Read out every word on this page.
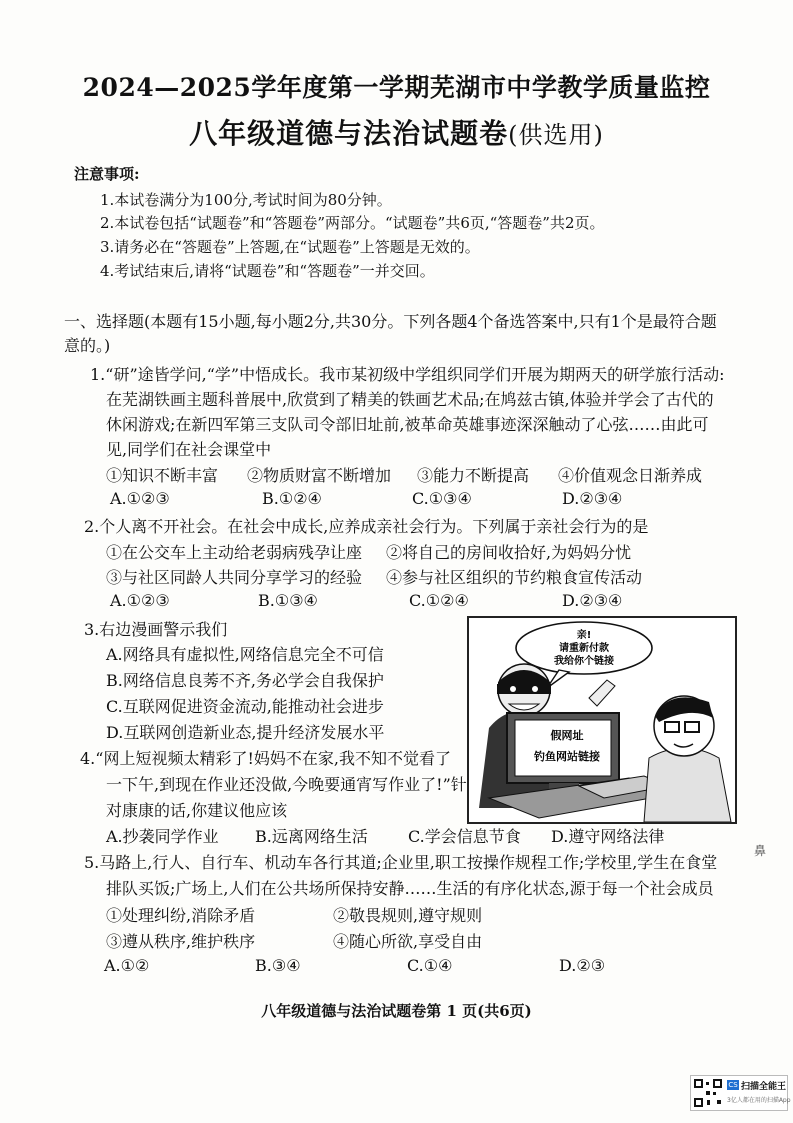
2024—2025学年度第一学期芜湖市中学教学质量监控
八年级道德与法治试题卷(供选用)
注意事项:
1.本试卷满分为100分,考试时间为80分钟。
2.本试卷包括“试题卷”和“答题卷”两部分。“试题卷”共6页,“答题卷”共2页。
3.请务必在“答题卷”上答题,在“试题卷”上答题是无效的。
4.考试结束后,请将“试题卷”和“答题卷”一并交回。
一、选择题(本题有15小题,每小题2分,共30分。下列各题4个备选答案中,只有1个是最符合题意的。)
1.“研”途皆学问,“学”中悟成长。我市某初级中学组织同学们开展为期两天的研学旅行活动:
在芜湖铁画主题科普展中,欣赏到了精美的铁画艺术品;在鸠兹古镇,体验并学会了古代的
休闲游戏;在新四军第三支队司令部旧址前,被革命英雄事迹深深触动了心弦……由此可
见,同学们在社会课堂中
①知识不断丰富 ②物质财富不断增加 ③能力不断提高 ④价值观念日渐养成
A.①②③	B.①②④	C.①③④	D.②③④
2.个人离不开社会。在社会中成长,应养成亲社会行为。下列属于亲社会行为的是
①在公交车上主动给老弱病残孕让座 ②将自己的房间收拾好,为妈妈分忧
③与社区同龄人共同分享学习的经验 ④参与社区组织的节约粮食宣传活动
A.①②③	B.①③④	C.①②④	D.②③④
3.右边漫画警示我们
A.网络具有虚拟性,网络信息完全不可信
B.网络信息良莠不齐,务必学会自我保护
C.互联网促进资金流动,能推动社会进步
D.互联网创造新业态,提升经济发展水平
亲!
请重新付款
我给你个链接
假网址
钓鱼网站链接
4.“网上短视频太精彩了!妈妈不在家,我不知不觉看了
一下午,到现在作业还没做,今晚要通宵写作业了!”针
对康康的话,你建议他应该
A.抄袭同学作业 B.远离网络生活	C.学会信息节食 D.遵守网络法律
5.马路上,行人、自行车、机动车各行其道;企业里,职工按操作规程工作;学校里,学生在食堂
排队买饭;广场上,人们在公共场所保持安静……生活的有序化状态,源于每一个社会成员
①处理纠纷,消除矛盾	②敬畏规则,遵守规则
③遵从秩序,维护秩序	④随心所欲,享受自由
A.①②	B.③④	C.①④	D.②③
鼻
八年级道德与法治试题卷第 1 页(共6页)
CS 扫描全能王
3亿人都在用的扫描App
